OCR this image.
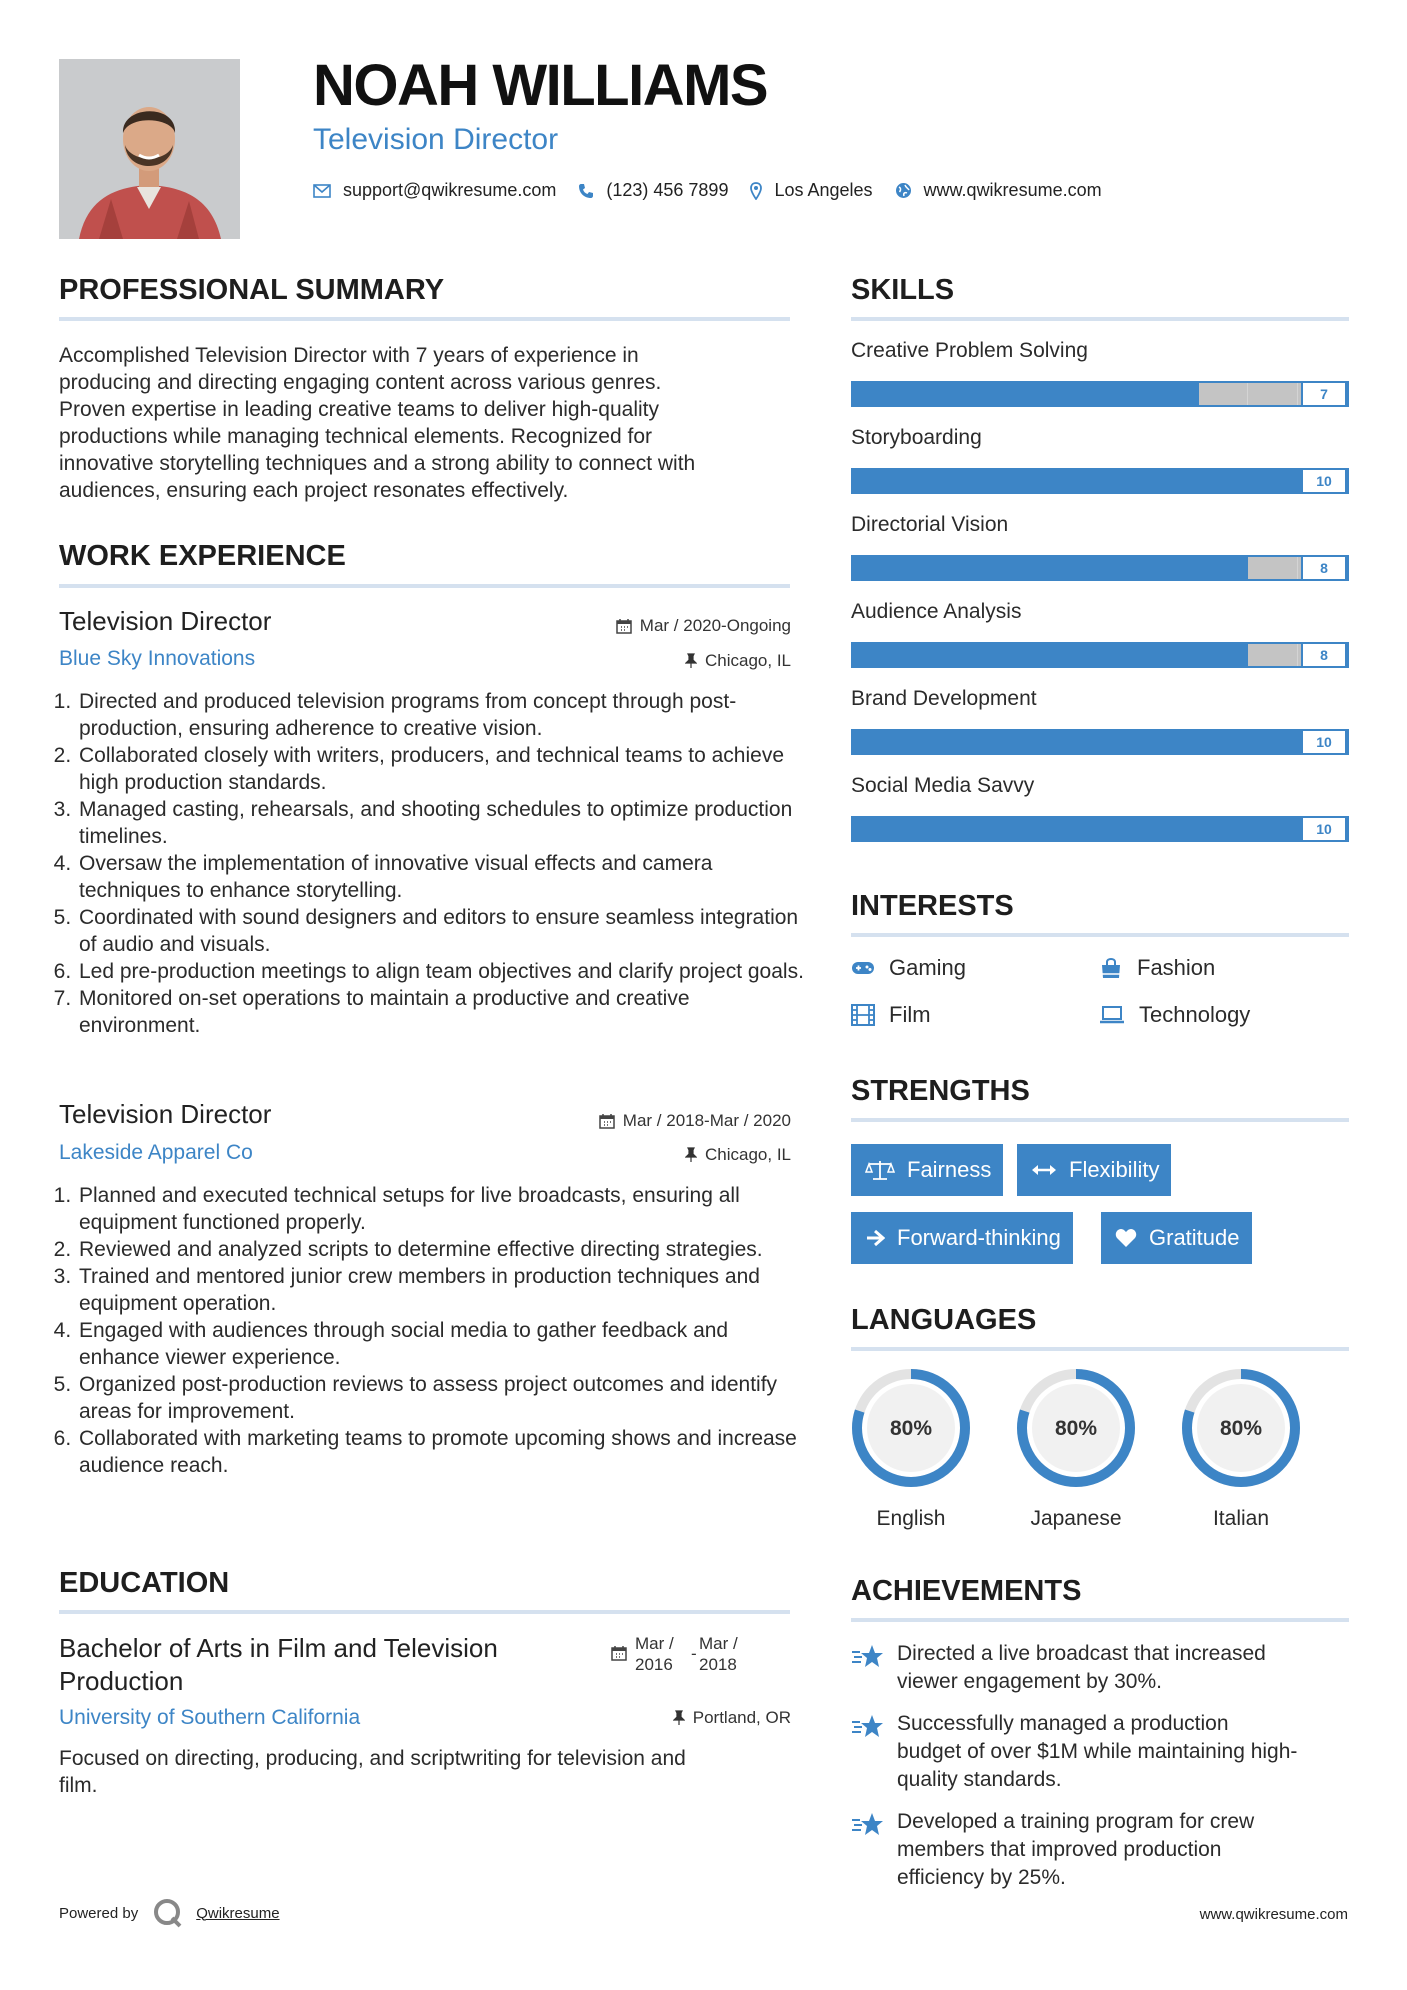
NOAH WILLIAMS
Television Director
support@qwikresume.com	(123) 456 7899	Los Angeles	www.qwikresume.com
PROFESSIONAL SUMMARY
Accomplished Television Director with 7 years of experience in
producing and directing engaging content across various genres.
Proven expertise in leading creative teams to deliver high-quality
productions while managing technical elements. Recognized for
innovative storytelling techniques and a strong ability to connect with
audiences, ensuring each project resonates effectively.
WORK EXPERIENCE
Television Director	Mar / 2020-Ongoing
Blue Sky Innovations	Chicago, IL
1. Directed and produced television programs from concept through post-production, ensuring adherence to creative vision.
2. Collaborated closely with writers, producers, and technical teams to achieve high production standards.
3. Managed casting, rehearsals, and shooting schedules to optimize production timelines.
4. Oversaw the implementation of innovative visual effects and camera techniques to enhance storytelling.
5. Coordinated with sound designers and editors to ensure seamless integration of audio and visuals.
6. Led pre-production meetings to align team objectives and clarify project goals.
7. Monitored on-set operations to maintain a productive and creative environment.
Television Director	Mar / 2018-Mar / 2020
Lakeside Apparel Co	Chicago, IL
1. Planned and executed technical setups for live broadcasts, ensuring all equipment functioned properly.
2. Reviewed and analyzed scripts to determine effective directing strategies.
3. Trained and mentored junior crew members in production techniques and equipment operation.
4. Engaged with audiences through social media to gather feedback and enhance viewer experience.
5. Organized post-production reviews to assess project outcomes and identify areas for improvement.
6. Collaborated with marketing teams to promote upcoming shows and increase audience reach.
EDUCATION
Bachelor of Arts in Film and Television
Production
Mar /
2016
-
Mar /
2018
University of Southern California	Portland, OR
Focused on directing, producing, and scriptwriting for television and
film.
SKILLS
Creative Problem Solving
7
Storyboarding
10
Directorial Vision
8
Audience Analysis
8
Brand Development
10
Social Media Savvy
10
INTERESTS
Gaming	Fashion
Film	Technology
STRENGTHS
Fairness	Flexibility
Forward-thinking	Gratitude
LANGUAGES
80%
English
80%
Japanese
80%
Italian
ACHIEVEMENTS
Directed a live broadcast that increased
viewer engagement by 30%.
Successfully managed a production
budget of over $1M while maintaining high-
quality standards.
Developed a training program for crew
members that improved production
efficiency by 25%.
Powered by	Qwikresume	www.qwikresume.com
